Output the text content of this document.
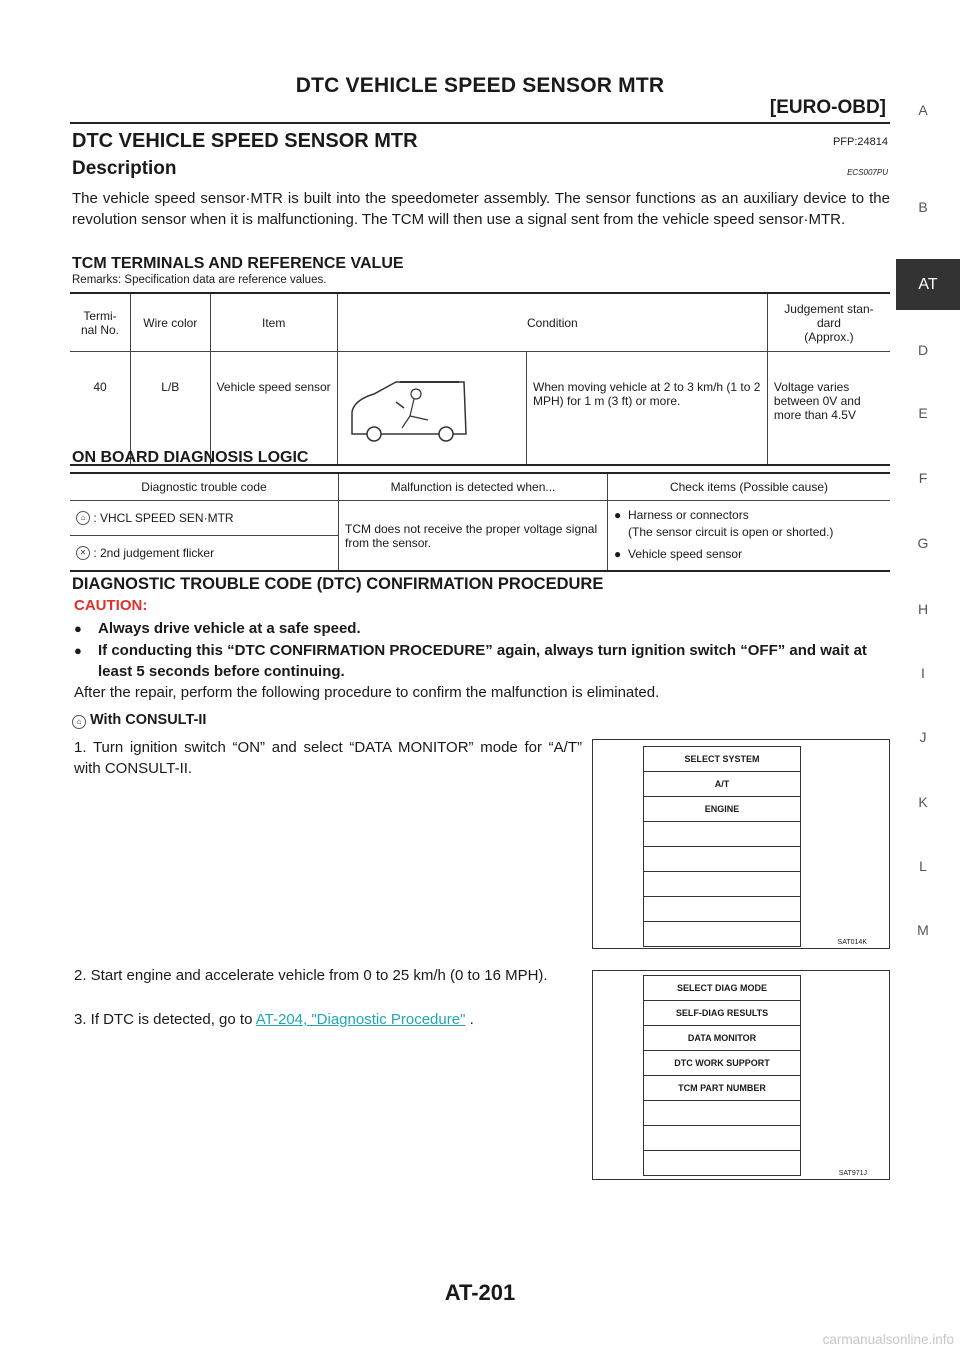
DTC VEHICLE SPEED SENSOR MTR
[EURO-OBD]
DTC VEHICLE SPEED SENSOR MTR	PFP:24814
Description	ECS007PU
The vehicle speed sensor·MTR is built into the speedometer assembly. The sensor functions as an auxiliary device to the revolution sensor when it is malfunctioning. The TCM will then use a signal sent from the vehicle speed sensor·MTR.
TCM TERMINALS AND REFERENCE VALUE
Remarks: Specification data are reference values.
Termi-
nal No.	Wire color	Item	Condition		Judgement stan-
dard
(Approx.)
40	L/B	Vehicle speed sensor		When moving vehicle at 2 to 3 km/h (1 to 2 MPH) for 1 m (3 ft) or more.	Voltage varies between 0V and more than 4.5V
ON BOARD DIAGNOSIS LOGIC
Diagnostic trouble code	Malfunction is detected when...	Check items (Possible cause)
⌂ : VHCL SPEED SEN·MTR	TCM does not receive the proper voltage signal from the sensor.	● Harness or connectors
(The sensor circuit is open or shorted.)
● Vehicle speed sensor

✕ : 2nd judgement flicker		
DIAGNOSTIC TROUBLE CODE (DTC) CONFIRMATION PROCEDURE
CAUTION:
● Always drive vehicle at a safe speed.
● If conducting this “DTC CONFIRMATION PROCEDURE” again, always turn ignition switch “OFF” and wait at least 5 seconds before continuing.
After the repair, perform the following procedure to confirm the malfunction is eliminated.
⌂ With CONSULT-II
1. Turn ignition switch “ON” and select “DATA MONITOR” mode for “A/T” with CONSULT-II.
2. Start engine and accelerate vehicle from 0 to 25 km/h (0 to 16 MPH).
3. If DTC is detected, go to AT-204, "Diagnostic Procedure" .
SELECT SYSTEM
A/T
ENGINE
SAT014K
SELECT DIAG MODE
SELF-DIAG RESULTS
DATA MONITOR
DTC WORK SUPPORT
TCM PART NUMBER
SAT971J
A
B
AT
D
E
F
G
H
I
J
K
L
M
AT-201
carmanualsonline.info
